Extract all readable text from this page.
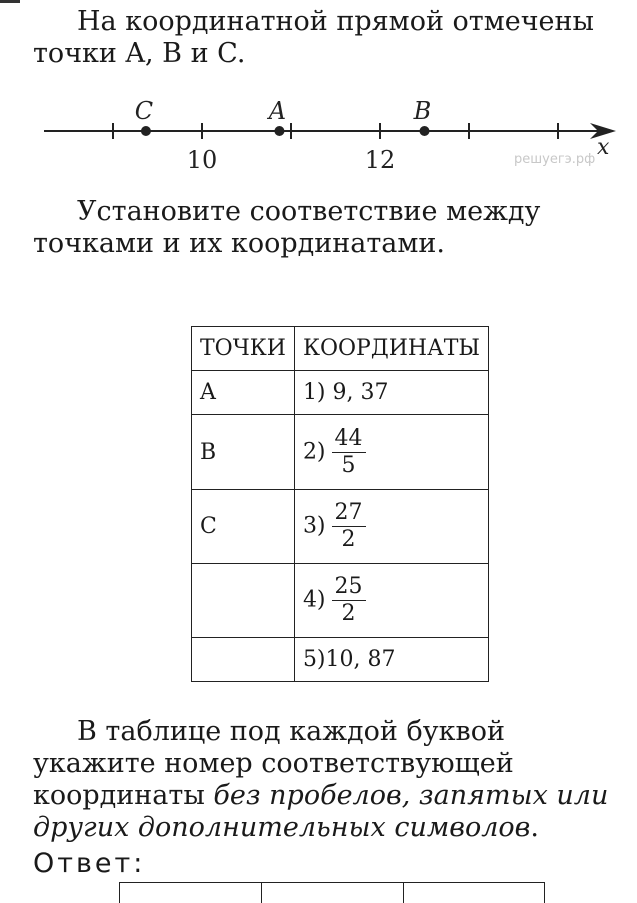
На координатной прямой отмечены точки A, B и C.

C	A	B
10	12	x
решуегэ.рф

Установите соответствие между точками и их координатами.

ТОЧКИ	КООРДИНАТЫ
A	1) 9, 37
B	$2) \frac{44}{5}$

C	$3) \frac{27}{2}$

	$4) \frac{25}{2}$

	5)10, 87

В таблице под каждой буквой укажите номер соответствующей координаты без пробелов, запятых или других дополнительных символов.

Ответ:
